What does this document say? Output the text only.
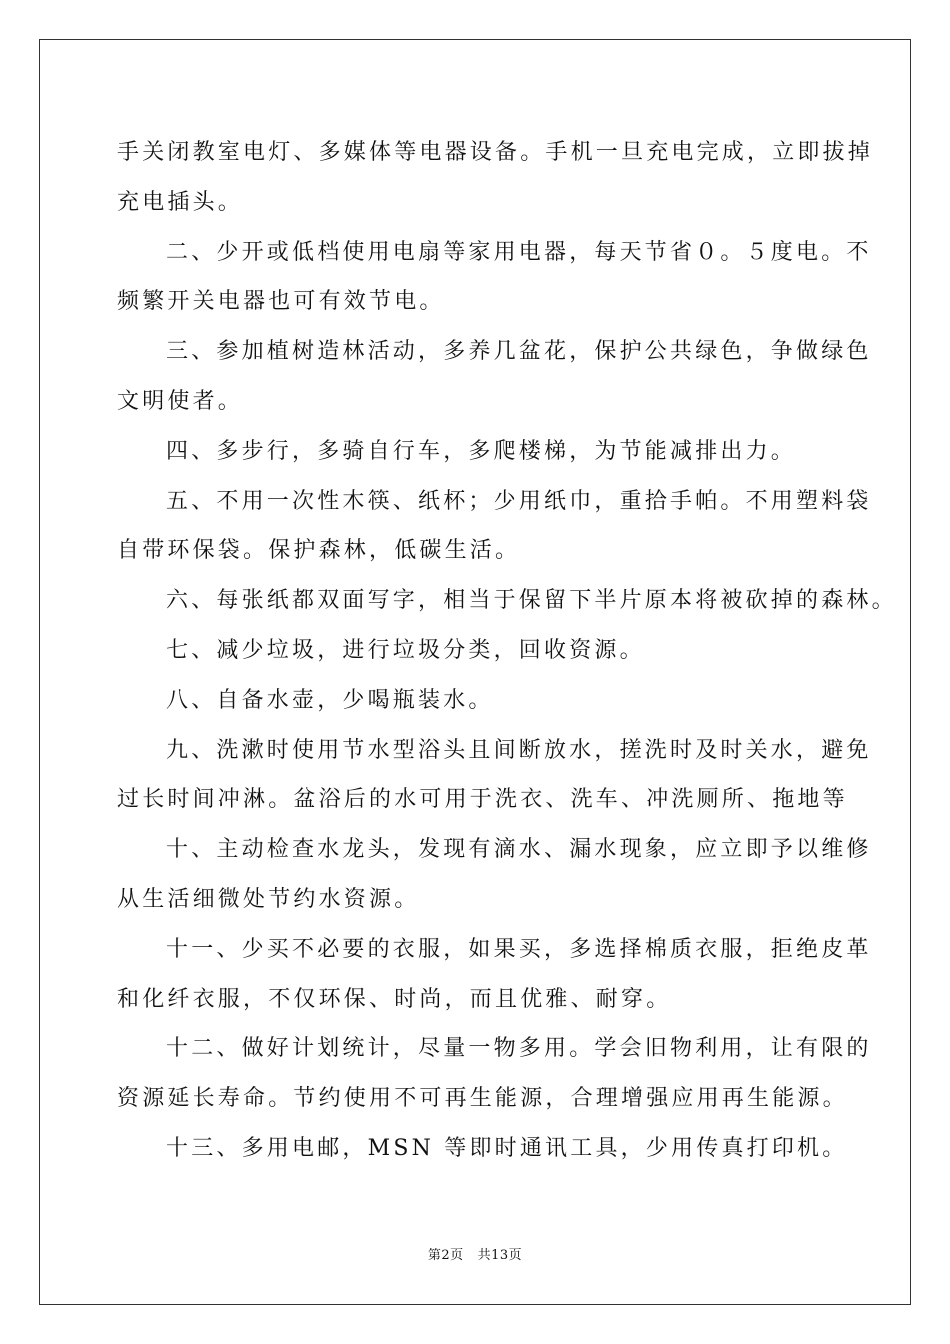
手关闭教室电灯、多媒体等电器设备。手机一旦充电完成，立即拔掉
充电插头。
二、少开或低档使用电扇等家用电器，每天节省０。５度电。不
频繁开关电器也可有效节电。
三、参加植树造林活动，多养几盆花，保护公共绿色，争做绿色
文明使者。
四、多步行，多骑自行车，多爬楼梯，为节能减排出力。
五、不用一次性木筷、纸杯；少用纸巾，重拾手帕。不用塑料袋
自带环保袋。保护森林，低碳生活。
六、每张纸都双面写字，相当于保留下半片原本将被砍掉的森林。
七、减少垃圾，进行垃圾分类，回收资源。
八、自备水壶，少喝瓶装水。
九、洗漱时使用节水型浴头且间断放水，搓洗时及时关水，避免
过长时间冲淋。盆浴后的水可用于洗衣、洗车、冲洗厕所、拖地等
十、主动检查水龙头，发现有滴水、漏水现象，应立即予以维修
从生活细微处节约水资源。
十一、少买不必要的衣服，如果买，多选择棉质衣服，拒绝皮革
和化纤衣服，不仅环保、时尚，而且优雅、耐穿。
十二、做好计划统计，尽量一物多用。学会旧物利用，让有限的
资源延长寿命。节约使用不可再生能源，合理增强应用再生能源。
十三、多用电邮，MSN 等即时通讯工具，少用传真打印机。
第2页 共13页
